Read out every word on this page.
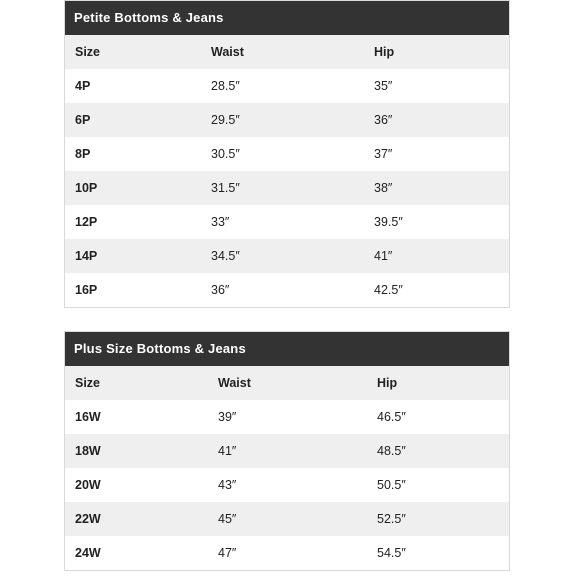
Petite Bottoms & Jeans
Size	Waist	Hip
4P	28.5″	35″
6P	29.5″	36″
8P	30.5″	37″
10P	31.5″	38″
12P	33″	39.5″
14P	34.5″	41″
16P	36″	42.5″
Plus Size Bottoms & Jeans
Size	Waist	Hip
16W	39″	46.5″
18W	41″	48.5″
20W	43″	50.5″
22W	45″	52.5″
24W	47″	54.5″
